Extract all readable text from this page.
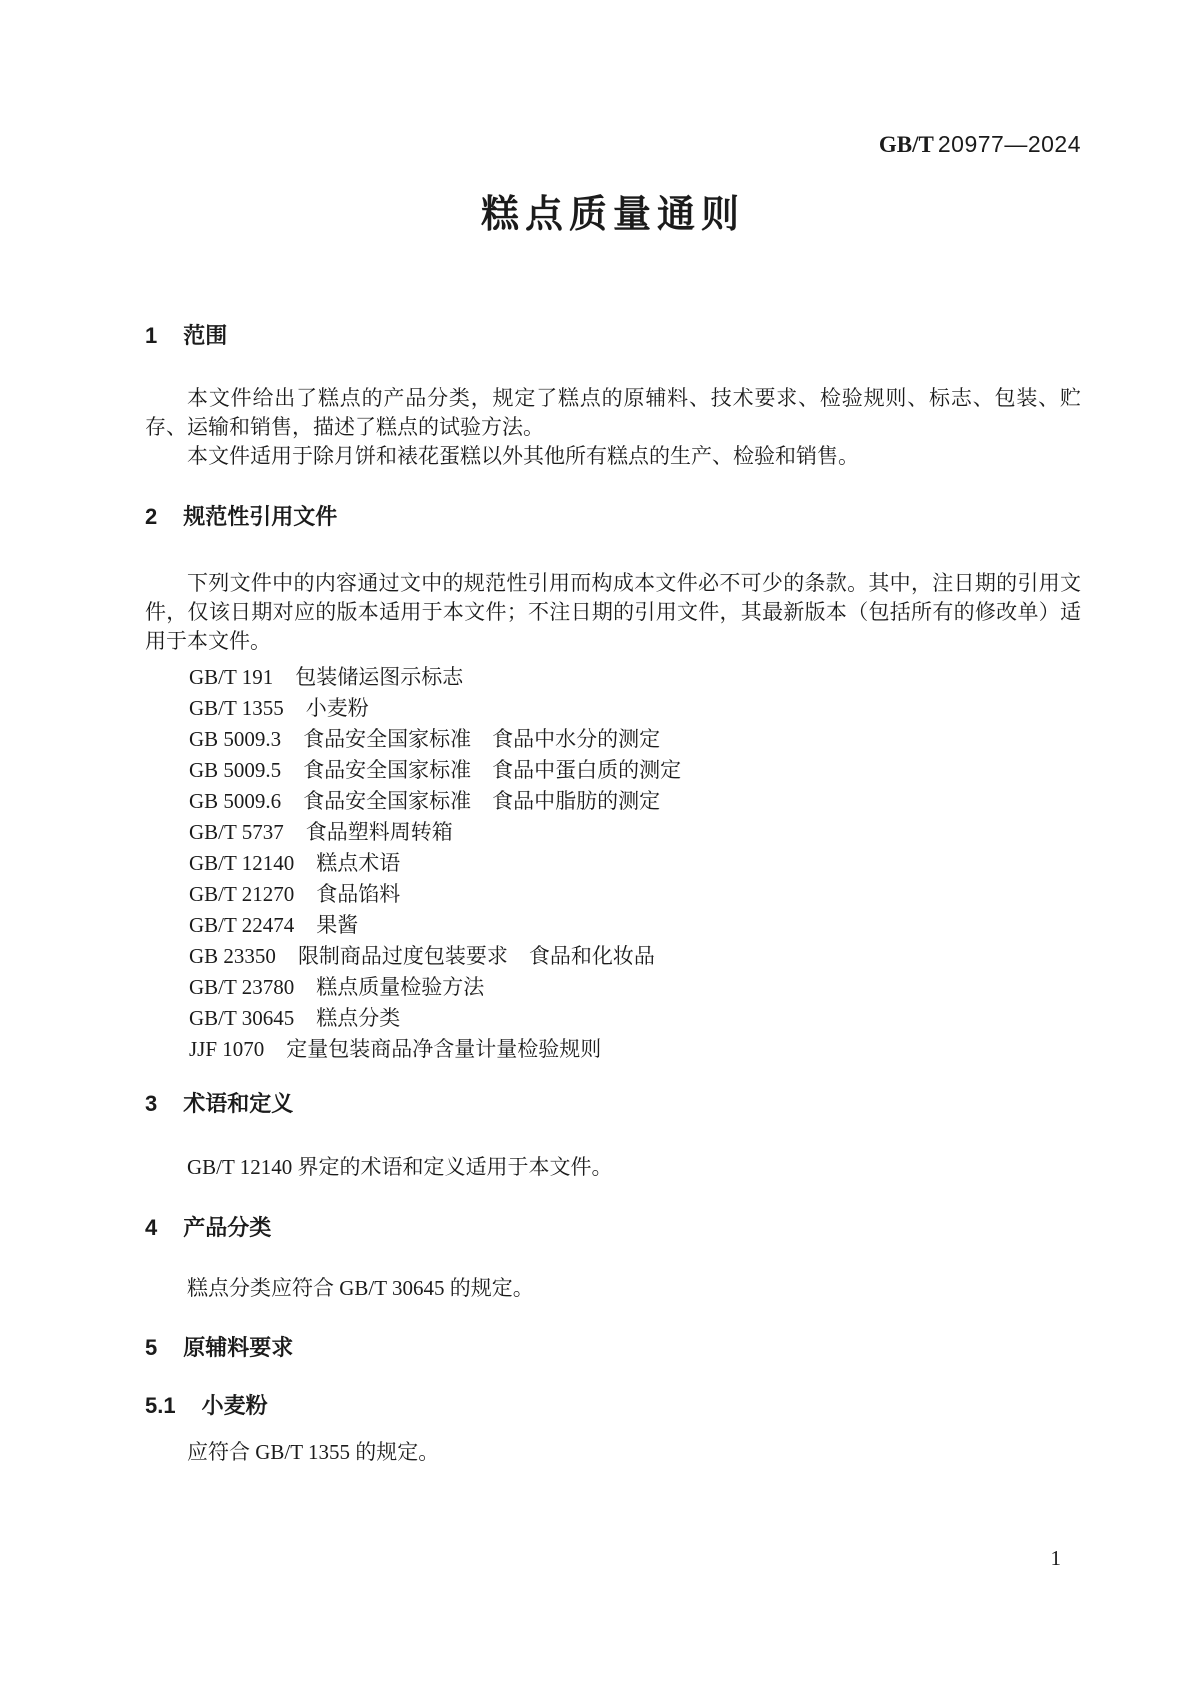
GB/T 20977—2024
糕点质量通则
1 范围

本文件给出了糕点的产品分类，规定了糕点的原辅料、技术要求、检验规则、标志、包装、贮存、运输和销售，描述了糕点的试验方法。

本文件适用于除月饼和裱花蛋糕以外其他所有糕点的生产、检验和销售。

2 规范性引用文件

下列文件中的内容通过文中的规范性引用而构成本文件必不可少的条款。其中，注日期的引用文件，仅该日期对应的版本适用于本文件；不注日期的引用文件，其最新版本（包括所有的修改单）适用于本文件。

GB/T 191 包装储运图示标志
GB/T 1355 小麦粉
GB 5009.3 食品安全国家标准　食品中水分的测定
GB 5009.5 食品安全国家标准　食品中蛋白质的测定
GB 5009.6 食品安全国家标准　食品中脂肪的测定
GB/T 5737 食品塑料周转箱
GB/T 12140 糕点术语
GB/T 21270 食品馅料
GB/T 22474 果酱
GB 23350 限制商品过度包装要求　食品和化妆品
GB/T 23780 糕点质量检验方法
GB/T 30645 糕点分类
JJF 1070 定量包装商品净含量计量检验规则
3 术语和定义

GB/T 12140 界定的术语和定义适用于本文件。

4 产品分类

糕点分类应符合 GB/T 30645 的规定。

5 原辅料要求
5.1 小麦粉

应符合 GB/T 1355 的规定。

1
